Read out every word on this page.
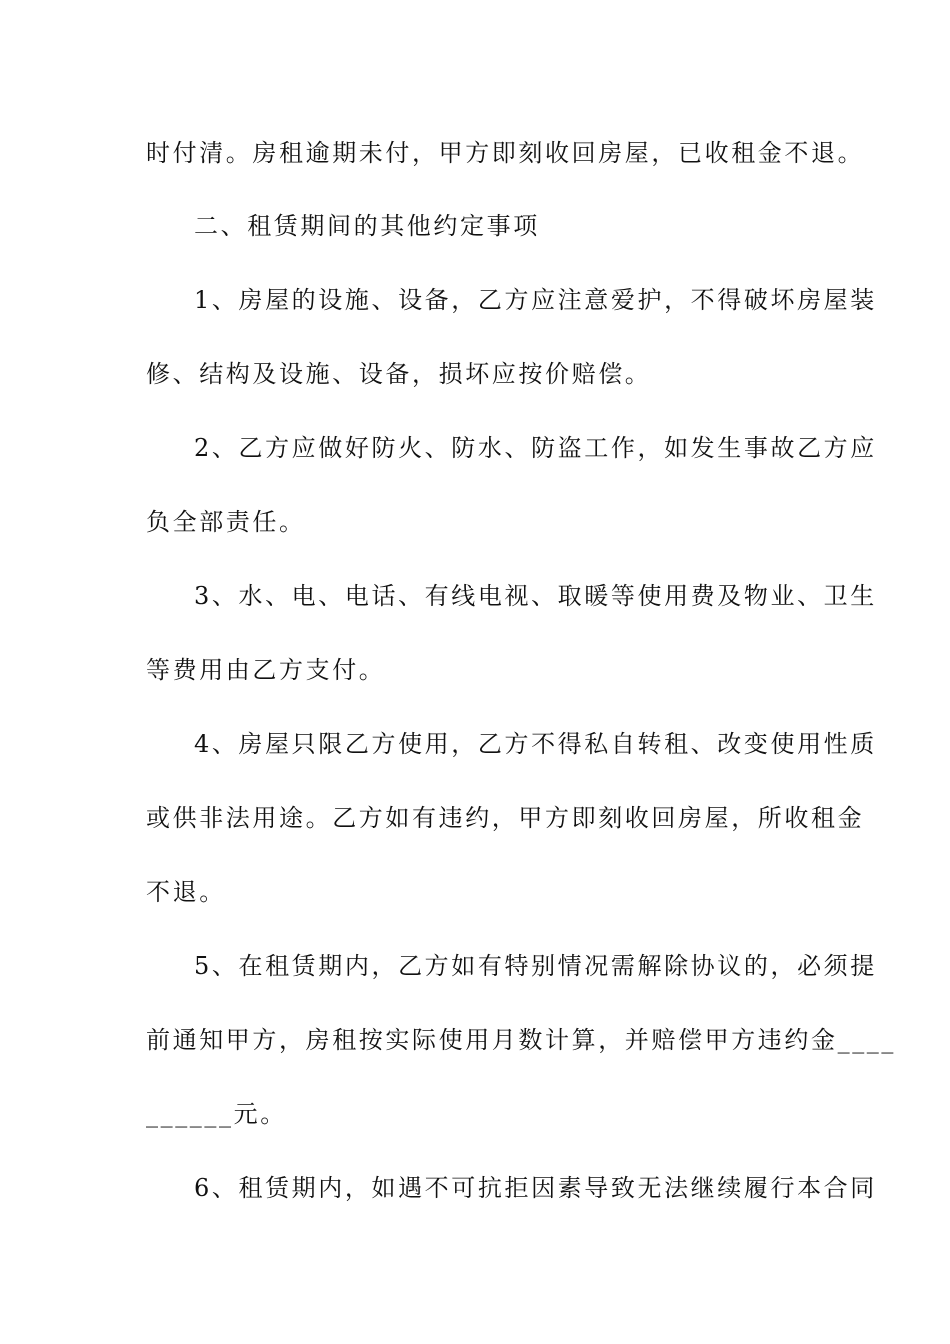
时付清。房租逾期未付，甲方即刻收回房屋，已收租金不退。
二、租赁期间的其他约定事项
1、房屋的设施、设备，乙方应注意爱护，不得破坏房屋装
修、结构及设施、设备，损坏应按价赔偿。
2、乙方应做好防火、防水、防盗工作，如发生事故乙方应
负全部责任。
3、水、电、电话、有线电视、取暖等使用费及物业、卫生
等费用由乙方支付。
4、房屋只限乙方使用，乙方不得私自转租、改变使用性质
或供非法用途。乙方如有违约，甲方即刻收回房屋，所收租金
不退。
5、在租赁期内，乙方如有特别情况需解除协议的，必须提
前通知甲方，房租按实际使用月数计算，并赔偿甲方违约金____
______元。
6、租赁期内，如遇不可抗拒因素导致无法继续履行本合同
